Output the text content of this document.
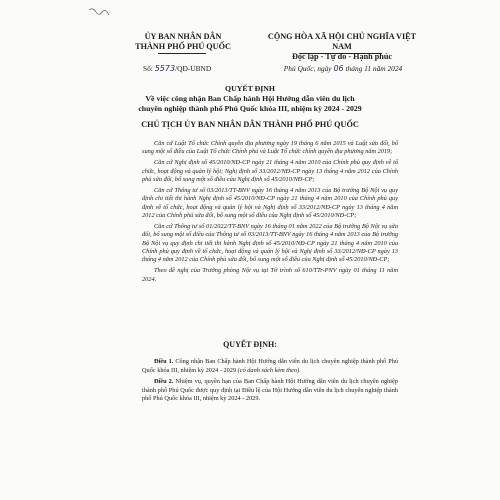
ỦY BAN NHÂN DÂN
THÀNH PHỐ PHÚ QUỐC
CỘNG HÒA XÃ HỘI CHỦ NGHĨA VIỆT NAM
Độc lập - Tự do - Hạnh phúc
Số: 5573/QĐ-UBND	Phú Quốc, ngày 06 tháng 11 năm 2024
QUYẾT ĐỊNH
Về việc công nhận Ban Chấp hành Hội Hướng dẫn viên du lịch
chuyên nghiệp thành phố Phú Quốc khóa III, nhiệm kỳ 2024 - 2029
CHỦ TỊCH ỦY BAN NHÂN DÂN THÀNH PHỐ PHÚ QUỐC

Căn cứ Luật Tổ chức Chính quyền địa phương ngày 19 tháng 6 năm 2015 và Luật sửa đổi, bổ sung một số điều của Luật Tổ chức Chính phủ và Luật Tổ chức chính quyền địa phương năm 2019;

Căn cứ Nghị định số 45/2010/NĐ-CP ngày 21 tháng 4 năm 2010 của Chính phủ quy định về tổ chức, hoạt động và quản lý hội; Nghị định số 33/2012/NĐ-CP ngày 13 tháng 4 năm 2012 của Chính phủ sửa đổi, bổ sung một số điều của Nghị định số 45/2010/NĐ-CP;

Căn cứ Thông tư số 03/2013/TT-BNV ngày 16 tháng 4 năm 2013 của Bộ trưởng Bộ Nội vụ quy định chi tiết thi hành Nghị định số 45/2010/NĐ-CP ngày 21 tháng 4 năm 2010 của Chính phủ quy định về tổ chức, hoạt động và quản lý hội và Nghị định số 33/2012/NĐ-CP ngày 13 tháng 4 năm 2012 của Chính phủ sửa đổi, bổ sung một số điều của Nghị định số 45/2010/NĐ-CP;

Căn cứ Thông tư số 01/2022/TT-BNV ngày 16 tháng 01 năm 2022 của Bộ trưởng Bộ Nội vụ sửa đổi, bổ sung một số điều của Thông tư số 03/2013/TT-BNV ngày 16 tháng 4 năm 2013 của Bộ trưởng Bộ Nội vụ quy định chi tiết thi hành Nghị định số 45/2010/NĐ-CP ngày 21 tháng 4 năm 2010 của Chính phủ quy định về tổ chức, hoạt động và quản lý hội và Nghị định số 33/2012/NĐ-CP ngày 13 tháng 4 năm 2012 của Chính phủ sửa đổi, bổ sung một số điều của Nghị định số 45/2010/NĐ-CP;

Theo đề nghị của Trưởng phòng Nội vụ tại Tờ trình số 610/TTr-PNV ngày 01 tháng 11 năm 2024.

QUYẾT ĐỊNH:

Điều 1. Công nhận Ban Chấp hành Hội Hướng dẫn viên du lịch chuyên nghiệp thành phố Phú Quốc khóa III, nhiệm kỳ 2024 - 2029 (có danh sách kèm theo).

Điều 2. Nhiệm vụ, quyền hạn của Ban Chấp hành Hội Hướng dẫn viên du lịch chuyên nghiệp thành phố Phú Quốc được quy định tại Điều lệ của Hội Hướng dẫn viên du lịch chuyên nghiệp thành phố Phú Quốc khóa III, nhiệm kỳ 2024 - 2029.
